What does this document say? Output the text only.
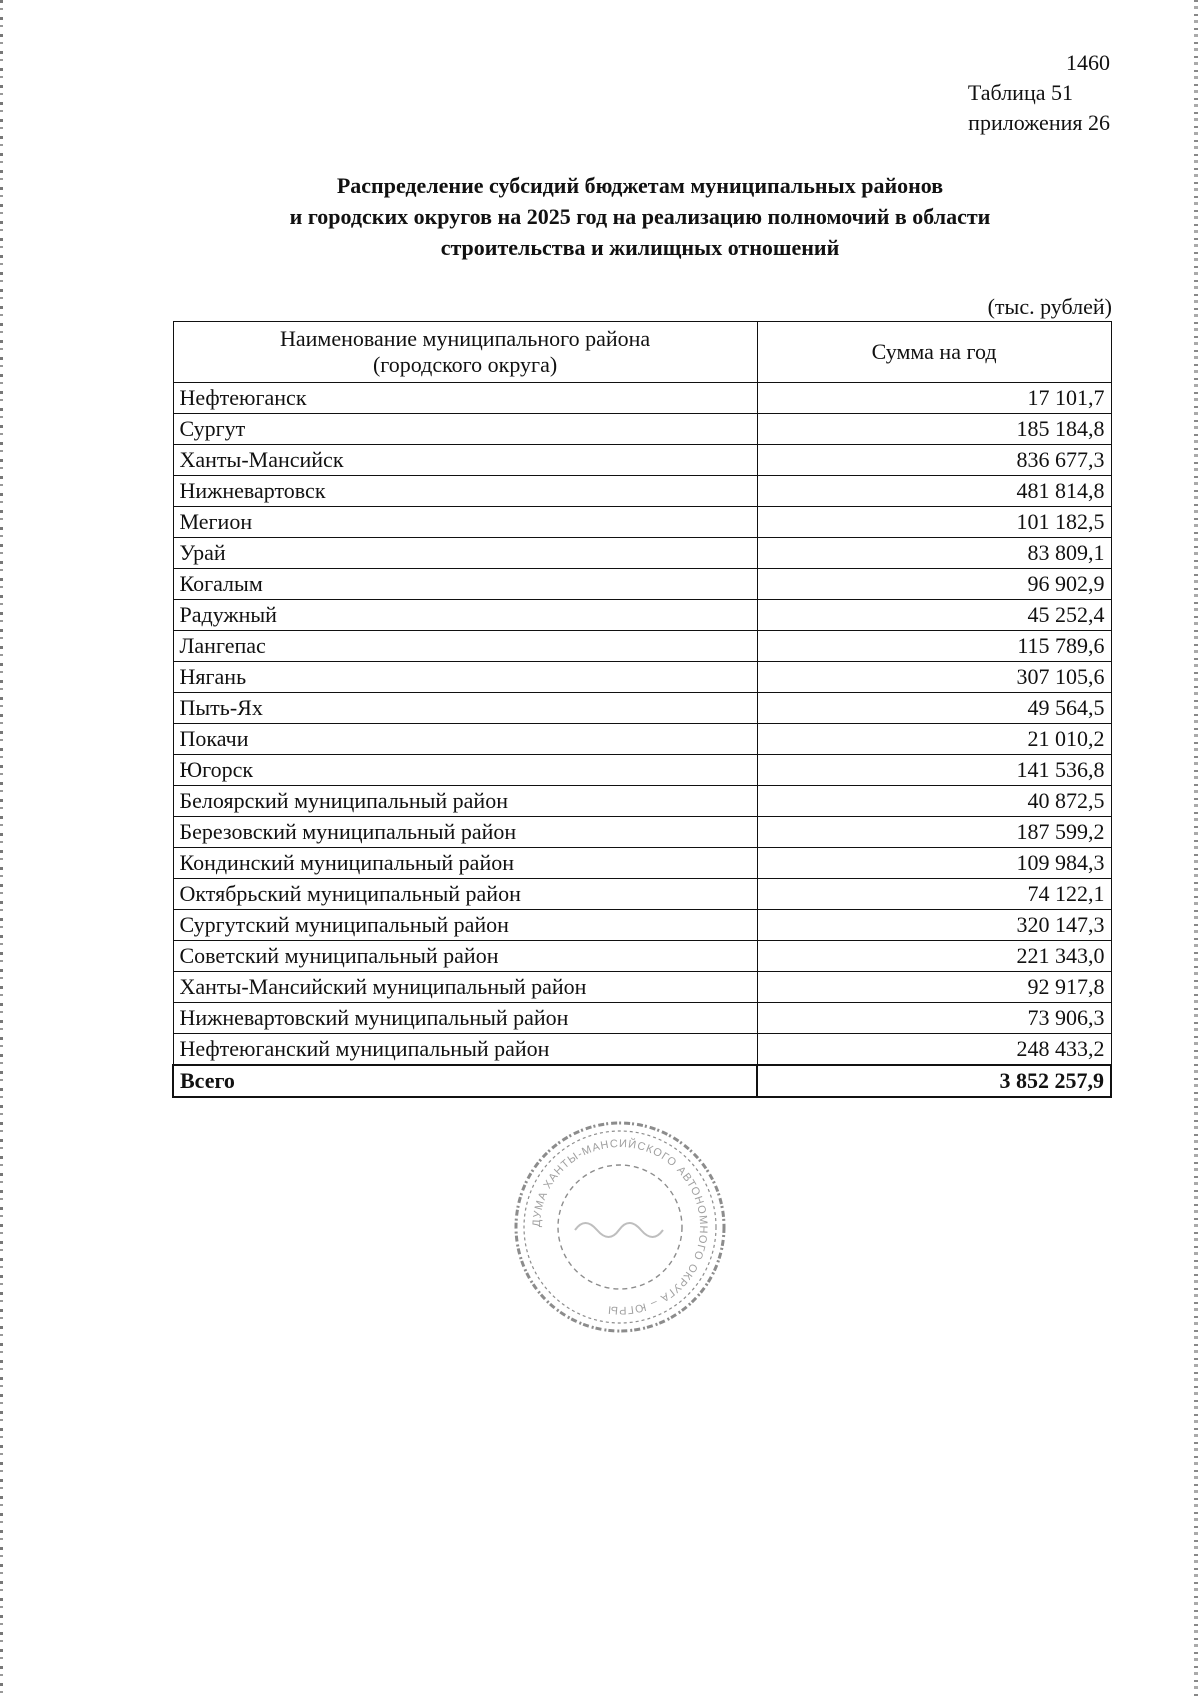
1460
Таблица 51
приложения 26
Распределение субсидий бюджетам муниципальных районов
и городских округов на 2025 год на реализацию полномочий в области
строительства и жилищных отношений
(тыс. рублей)
Наименование муниципального района
(городского округа)	Сумма на год
Нефтеюганск	17 101,7
Сургут	185 184,8
Ханты-Мансийск	836 677,3
Нижневартовск	481 814,8
Мегион	101 182,5
Урай	83 809,1
Когалым	96 902,9
Радужный	45 252,4
Лангепас	115 789,6
Нягань	307 105,6
Пыть-Ях	49 564,5
Покачи	21 010,2
Югорск	141 536,8
Белоярский муниципальный район	40 872,5
Березовский муниципальный район	187 599,2
Кондинский муниципальный район	109 984,3
Октябрьский муниципальный район	74 122,1
Сургутский муниципальный район	320 147,3
Советский муниципальный район	221 343,0
Ханты-Мансийский муниципальный район	92 917,8
Нижневартовский муниципальный район	73 906,3
Нефтеюганский муниципальный район	248 433,2
Всего	3 852 257,9
ДУМА ХАНТЫ-МАНСИЙСКОГО АВТОНОМНОГО ОКРУГА – ЮГРЫ
